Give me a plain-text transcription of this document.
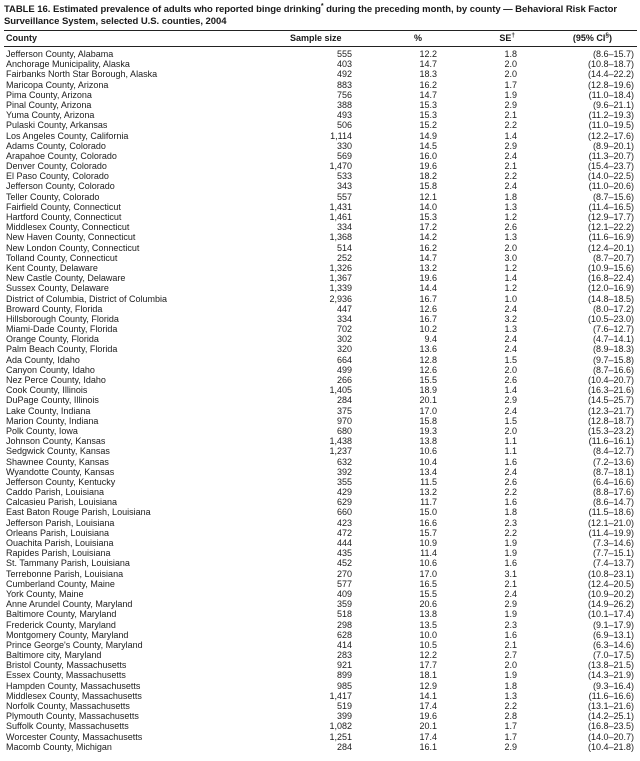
TABLE 16. Estimated prevalence of adults who reported binge drinking* during the preceding month, by county — Behavioral Risk Factor Surveillance System, selected U.S. counties, 2004
County	Sample size	%	SE†	(95% CI§)
Jefferson County, Alabama	555	12.2	1.8	(8.6–15.7)
Anchorage Municipality, Alaska	403	14.7	2.0	(10.8–18.7)
Fairbanks North Star Borough, Alaska	492	18.3	2.0	(14.4–22.2)
Maricopa County, Arizona	883	16.2	1.7	(12.8–19.6)
Pima County, Arizona	756	14.7	1.9	(11.0–18.4)
Pinal County, Arizona	388	15.3	2.9	(9.6–21.1)
Yuma County, Arizona	493	15.3	2.1	(11.2–19.3)
Pulaski County, Arkansas	506	15.2	2.2	(11.0–19.5)
Los Angeles County, California	1,114	14.9	1.4	(12.2–17.6)
Adams County, Colorado	330	14.5	2.9	(8.9–20.1)
Arapahoe County, Colorado	569	16.0	2.4	(11.3–20.7)
Denver County, Colorado	1,470	19.6	2.1	(15.4–23.7)
El Paso County, Colorado	533	18.2	2.2	(14.0–22.5)
Jefferson County, Colorado	343	15.8	2.4	(11.0–20.6)
Teller County, Colorado	557	12.1	1.8	(8.7–15.6)
Fairfield County, Connecticut	1,431	14.0	1.3	(11.4–16.5)
Hartford County, Connecticut	1,461	15.3	1.2	(12.9–17.7)
Middlesex County, Connecticut	334	17.2	2.6	(12.1–22.2)
New Haven County, Connecticut	1,368	14.2	1.3	(11.6–16.9)
New London County, Connecticut	514	16.2	2.0	(12.4–20.1)
Tolland County, Connecticut	252	14.7	3.0	(8.7–20.7)
Kent County, Delaware	1,326	13.2	1.2	(10.9–15.6)
New Castle County, Delaware	1,367	19.6	1.4	(16.8–22.4)
Sussex County, Delaware	1,339	14.4	1.2	(12.0–16.9)
District of Columbia, District of Columbia	2,936	16.7	1.0	(14.8–18.5)
Broward County, Florida	447	12.6	2.4	(8.0–17.2)
Hillsborough County, Florida	334	16.7	3.2	(10.5–23.0)
Miami-Dade County, Florida	702	10.2	1.3	(7.6–12.7)
Orange County, Florida	302	9.4	2.4	(4.7–14.1)
Palm Beach County, Florida	320	13.6	2.4	(8.9–18.3)
Ada County, Idaho	664	12.8	1.5	(9.7–15.8)
Canyon County, Idaho	499	12.6	2.0	(8.7–16.6)
Nez Perce County, Idaho	266	15.5	2.6	(10.4–20.7)
Cook County, Illinois	1,405	18.9	1.4	(16.3–21.6)
DuPage County, Illinois	284	20.1	2.9	(14.5–25.7)
Lake County, Indiana	375	17.0	2.4	(12.3–21.7)
Marion County, Indiana	970	15.8	1.5	(12.8–18.7)
Polk County, Iowa	680	19.3	2.0	(15.3–23.2)
Johnson County, Kansas	1,438	13.8	1.1	(11.6–16.1)
Sedgwick County, Kansas	1,237	10.6	1.1	(8.4–12.7)
Shawnee County, Kansas	632	10.4	1.6	(7.2–13.6)
Wyandotte County, Kansas	392	13.4	2.4	(8.7–18.1)
Jefferson County, Kentucky	355	11.5	2.6	(6.4–16.6)
Caddo Parish, Louisiana	429	13.2	2.2	(8.8–17.6)
Calcasieu Parish, Louisiana	629	11.7	1.6	(8.6–14.7)
East Baton Rouge Parish, Louisiana	660	15.0	1.8	(11.5–18.6)
Jefferson Parish, Louisiana	423	16.6	2.3	(12.1–21.0)
Orleans Parish, Louisiana	472	15.7	2.2	(11.4–19.9)
Ouachita Parish, Louisiana	444	10.9	1.9	(7.3–14.6)
Rapides Parish, Louisiana	435	11.4	1.9	(7.7–15.1)
St. Tammany Parish, Louisiana	452	10.6	1.6	(7.4–13.7)
Terrebonne Parish, Louisiana	270	17.0	3.1	(10.8–23.1)
Cumberland County, Maine	577	16.5	2.1	(12.4–20.5)
York County, Maine	409	15.5	2.4	(10.9–20.2)
Anne Arundel County, Maryland	359	20.6	2.9	(14.9–26.2)
Baltimore County, Maryland	518	13.8	1.9	(10.1–17.4)
Frederick County, Maryland	298	13.5	2.3	(9.1–17.9)
Montgomery County, Maryland	628	10.0	1.6	(6.9–13.1)
Prince George's County, Maryland	414	10.5	2.1	(6.3–14.6)
Baltimore city, Maryland	283	12.2	2.7	(7.0–17.5)
Bristol County, Massachusetts	921	17.7	2.0	(13.8–21.5)
Essex County, Massachusetts	899	18.1	1.9	(14.3–21.9)
Hampden County, Massachusetts	985	12.9	1.8	(9.3–16.4)
Middlesex County, Massachusetts	1,417	14.1	1.3	(11.6–16.6)
Norfolk County, Massachusetts	519	17.4	2.2	(13.1–21.6)
Plymouth County, Massachusetts	399	19.6	2.8	(14.2–25.1)
Suffolk County, Massachusetts	1,082	20.1	1.7	(16.8–23.5)
Worcester County, Massachusetts	1,251	17.4	1.7	(14.0–20.7)
Macomb County, Michigan	284	16.1	2.9	(10.4–21.8)
